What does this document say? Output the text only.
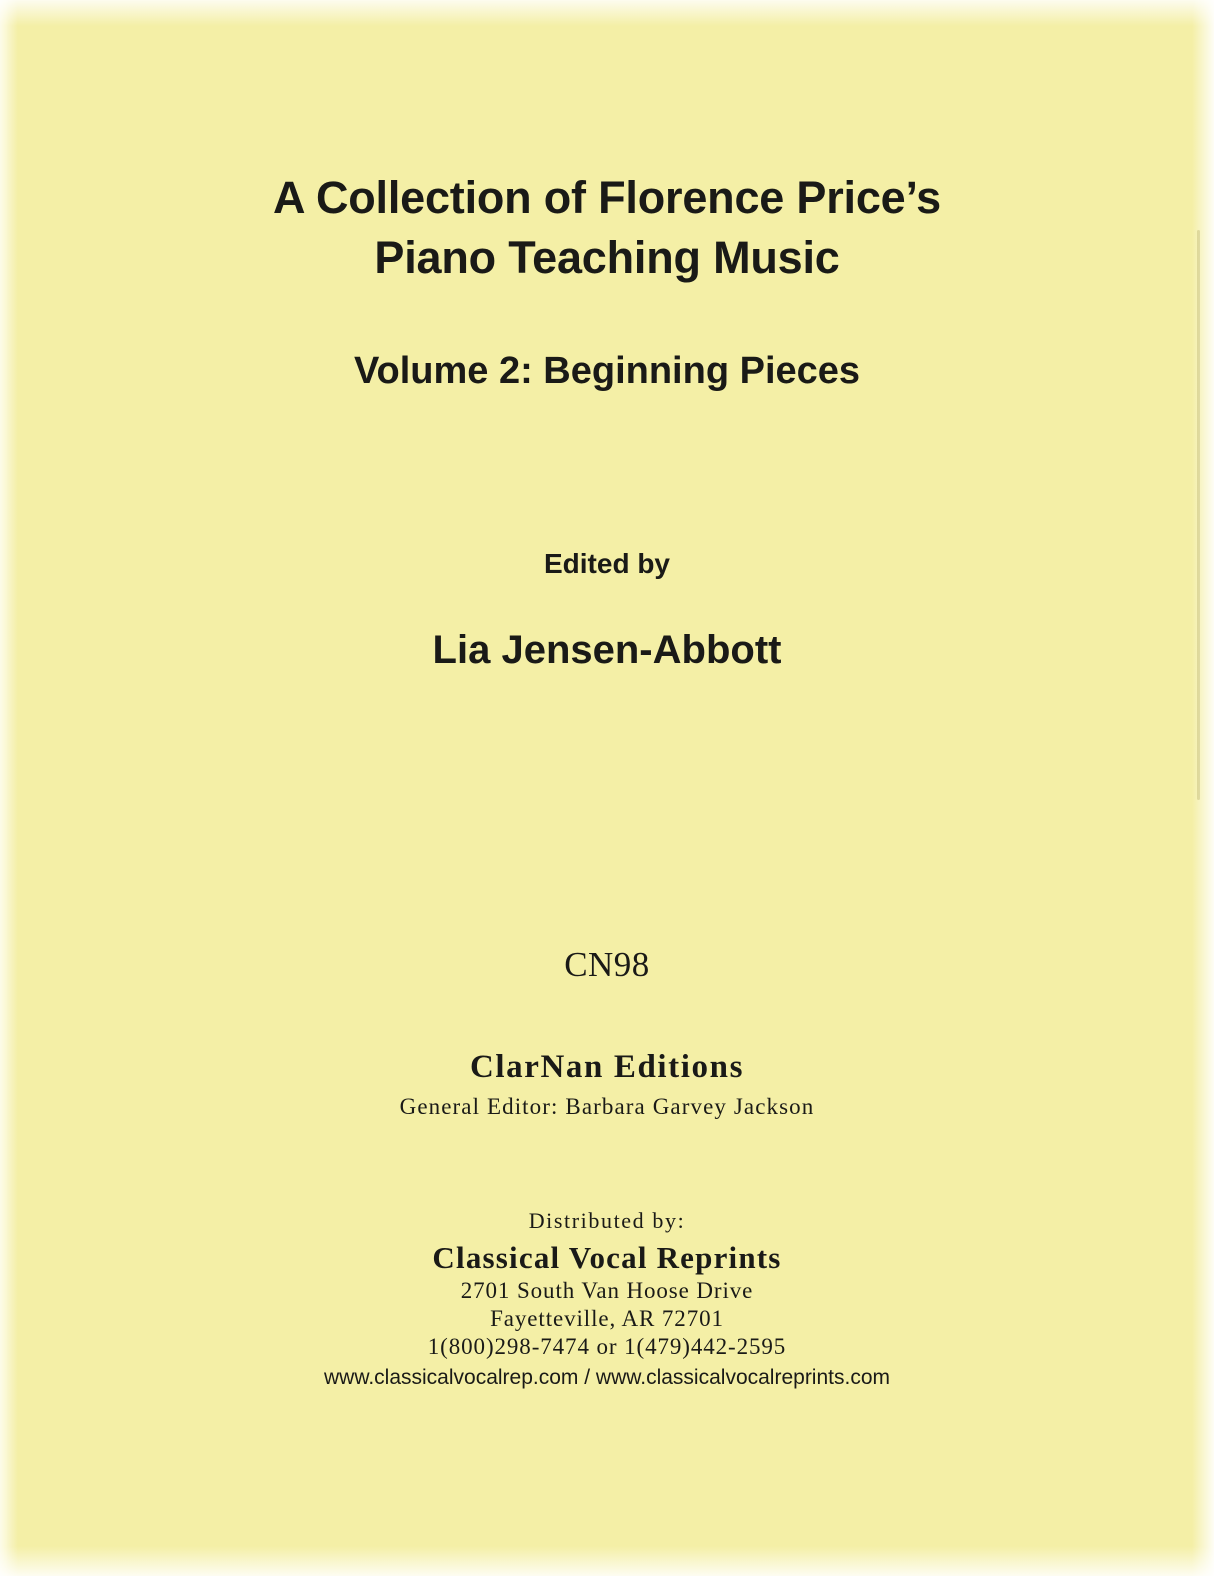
A Collection of Florence Price’s
Piano Teaching Music
Volume 2: Beginning Pieces
Edited by
Lia Jensen-Abbott
CN98
ClarNan Editions
General Editor: Barbara Garvey Jackson
Distributed by:
Classical Vocal Reprints
2701 South Van Hoose Drive
Fayetteville, AR 72701
1(800)298-7474 or 1(479)442-2595
www.classicalvocalrep.com / www.classicalvocalreprints.com
